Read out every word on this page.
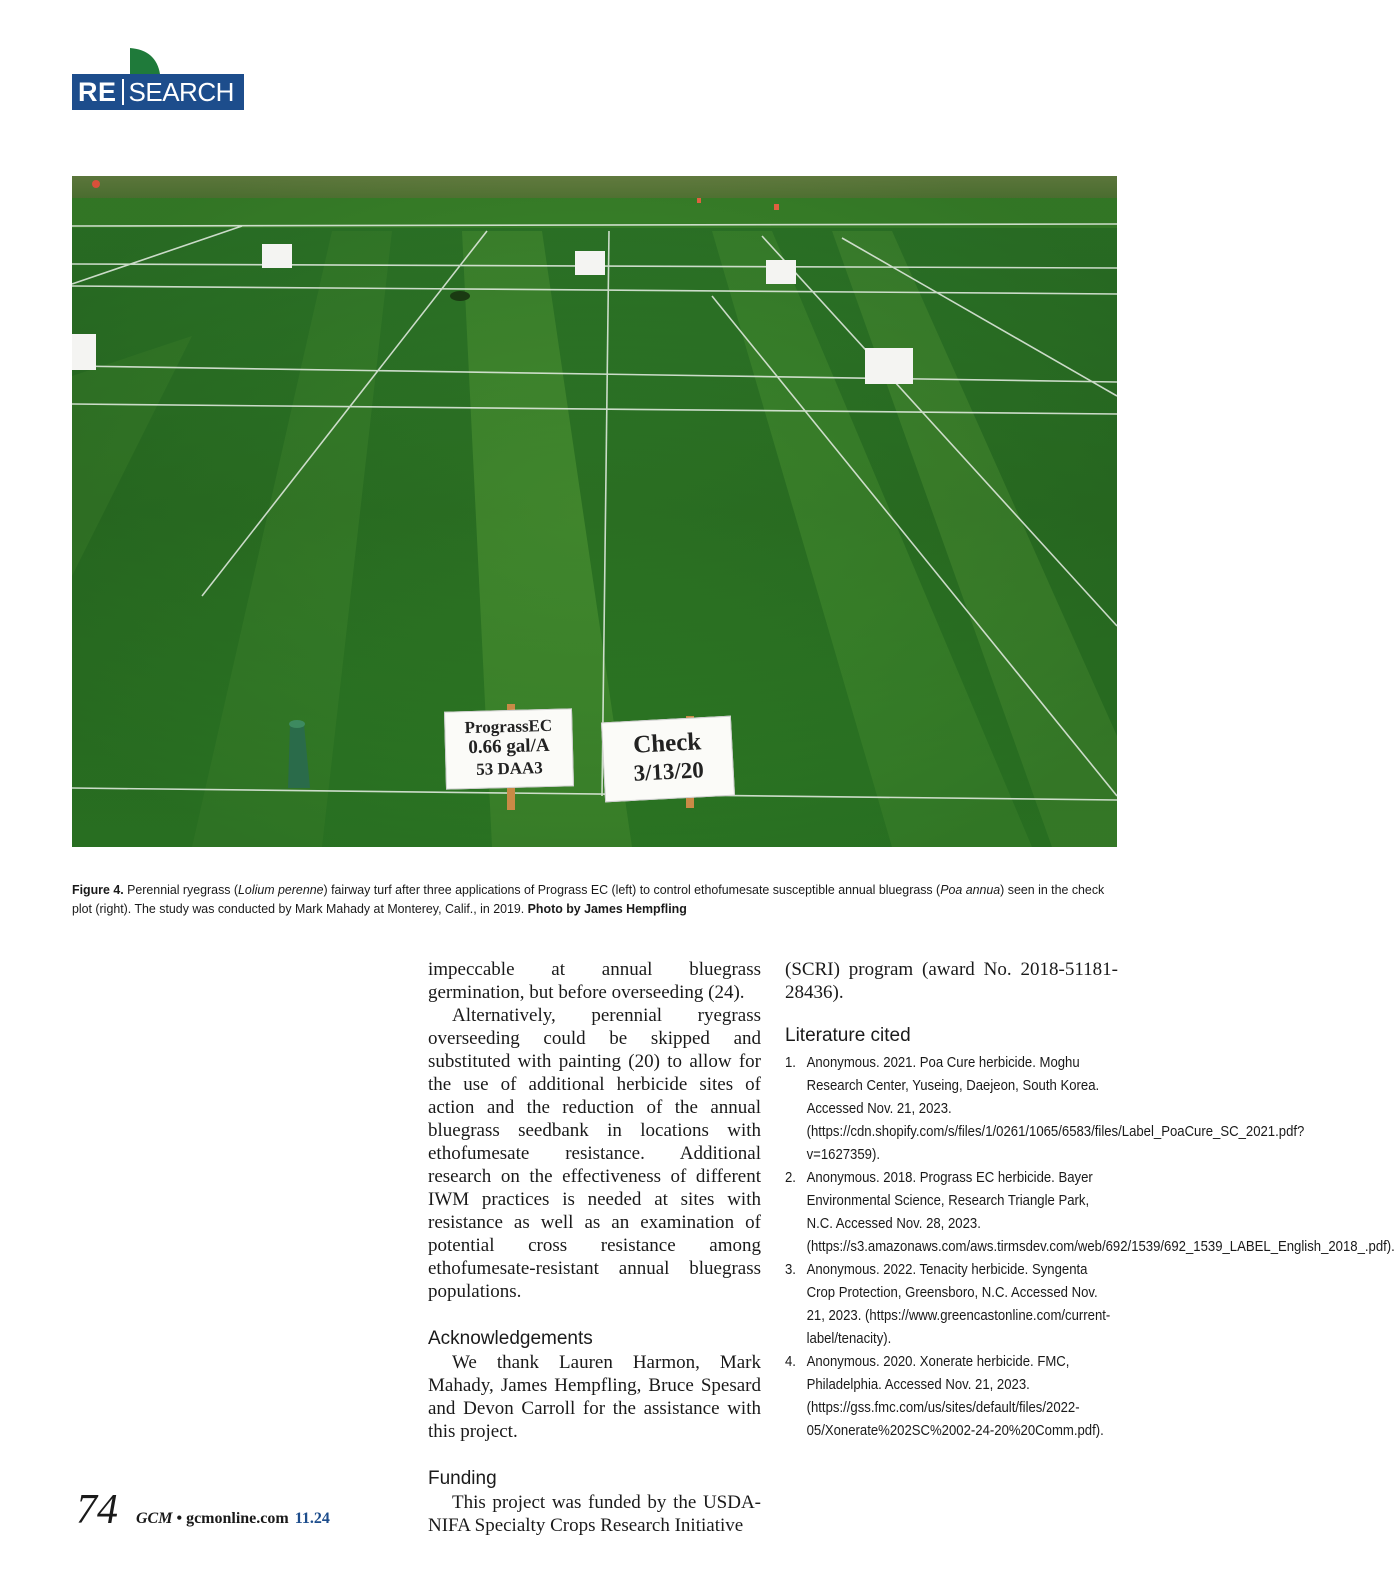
RE SEARCH
PrograssEC
0.66 gal/A
53 DAA3
Check
3/13/20
Figure 4. Perennial ryegrass (Lolium perenne) fairway turf after three applications of Prograss EC (left) to control ethofumesate susceptible annual bluegrass (Poa annua) seen in the check plot (right). The study was conducted by Mark Mahady at Monterey, Calif., in 2019. Photo by James Hempfling

impeccable at annual bluegrass germination, but before overseeding (24).

Alternatively, perennial ryegrass overseeding could be skipped and substituted with painting (20) to allow for the use of additional herbicide sites of action and the reduction of the annual bluegrass seedbank in locations with ethofumesate resistance. Additional research on the effectiveness of different IWM practices is needed at sites with resistance as well as an examination of potential cross resistance among ethofumesate-resistant annual bluegrass populations.

Acknowledgements

We thank Lauren Harmon, Mark Mahady, James Hempfling, Bruce Spesard and Devon Carroll for the assistance with this project.

Funding

This project was funded by the USDA-NIFA Specialty Crops Research Initiative

(SCRI) program (award No. 2018-51181-28436).

Literature cited
1. Anonymous. 2021. Poa Cure herbicide. Moghu Research Center, Yuseing, Daejeon, South Korea. Accessed Nov. 21, 2023. (https://cdn.shopify.com/s/files/1/0261/1065/6583/files/Label_PoaCure_SC_2021.pdf?v=1627359).
2. Anonymous. 2018. Prograss EC herbicide. Bayer Environmental Science, Research Triangle Park, N.C. Accessed Nov. 28, 2023. (https://s3.amazonaws.com/aws.tirmsdev.com/web/692/1539/692_1539_LABEL_English_2018_.pdf).
3. Anonymous. 2022. Tenacity herbicide. Syngenta Crop Protection, Greensboro, N.C. Accessed Nov. 21, 2023. (https://www.greencastonline.com/current-label/tenacity).
4. Anonymous. 2020. Xonerate herbicide. FMC, Philadelphia. Accessed Nov. 21, 2023. (https://gss.fmc.com/us/sites/default/files/2022-05/Xonerate%202SC%2002-24-20%20Comm.pdf).
74 GCM • gcmonline.com 11.24
